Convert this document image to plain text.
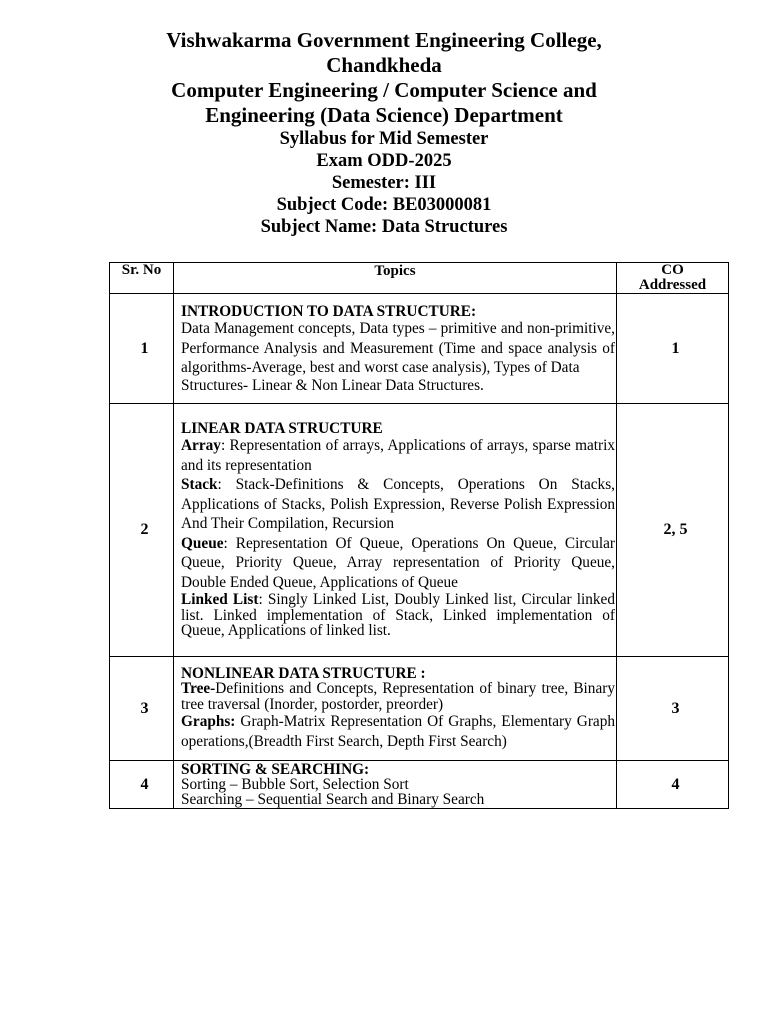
Vishwakarma Government Engineering College,
Chandkheda
Computer Engineering / Computer Science and
Engineering (Data Science) Department
Syllabus for Mid Semester
Exam ODD-2025
Semester: III
Subject Code: BE03000081
Subject Name: Data Structures
Sr. No	Topics	CO
Addressed

1	INTRODUCTION TO DATA STRUCTURE:
Data Management concepts, Data types – primitive and non-primitive, Performance Analysis and Measurement (Time and space analysis of algorithms-Average, best and worst case analysis), Types of Data
Structures- Linear & Non Linear Data Structures.	1
2	LINEAR DATA STRUCTURE
Array: Representation of arrays, Applications of arrays, sparse matrix and its representation
Stack: Stack-Definitions & Concepts, Operations On Stacks, Applications of Stacks, Polish Expression, Reverse Polish Expression And Their Compilation, Recursion
Queue: Representation Of Queue, Operations On Queue, Circular Queue, Priority Queue, Array representation of Priority Queue, Double Ended Queue, Applications of Queue
Linked List: Singly Linked List, Doubly Linked list, Circular linked list. Linked implementation of Stack, Linked implementation of Queue, Applications of linked list.	2, 5
3	NONLINEAR DATA STRUCTURE :
Tree-Definitions and Concepts, Representation of binary tree, Binary tree traversal (Inorder, postorder, preorder)
Graphs: Graph-Matrix Representation Of Graphs, Elementary Graph operations,(Breadth First Search, Depth First Search)	3
4	SORTING & SEARCHING:
Sorting – Bubble Sort, Selection Sort
Searching – Sequential Search and Binary Search	4
